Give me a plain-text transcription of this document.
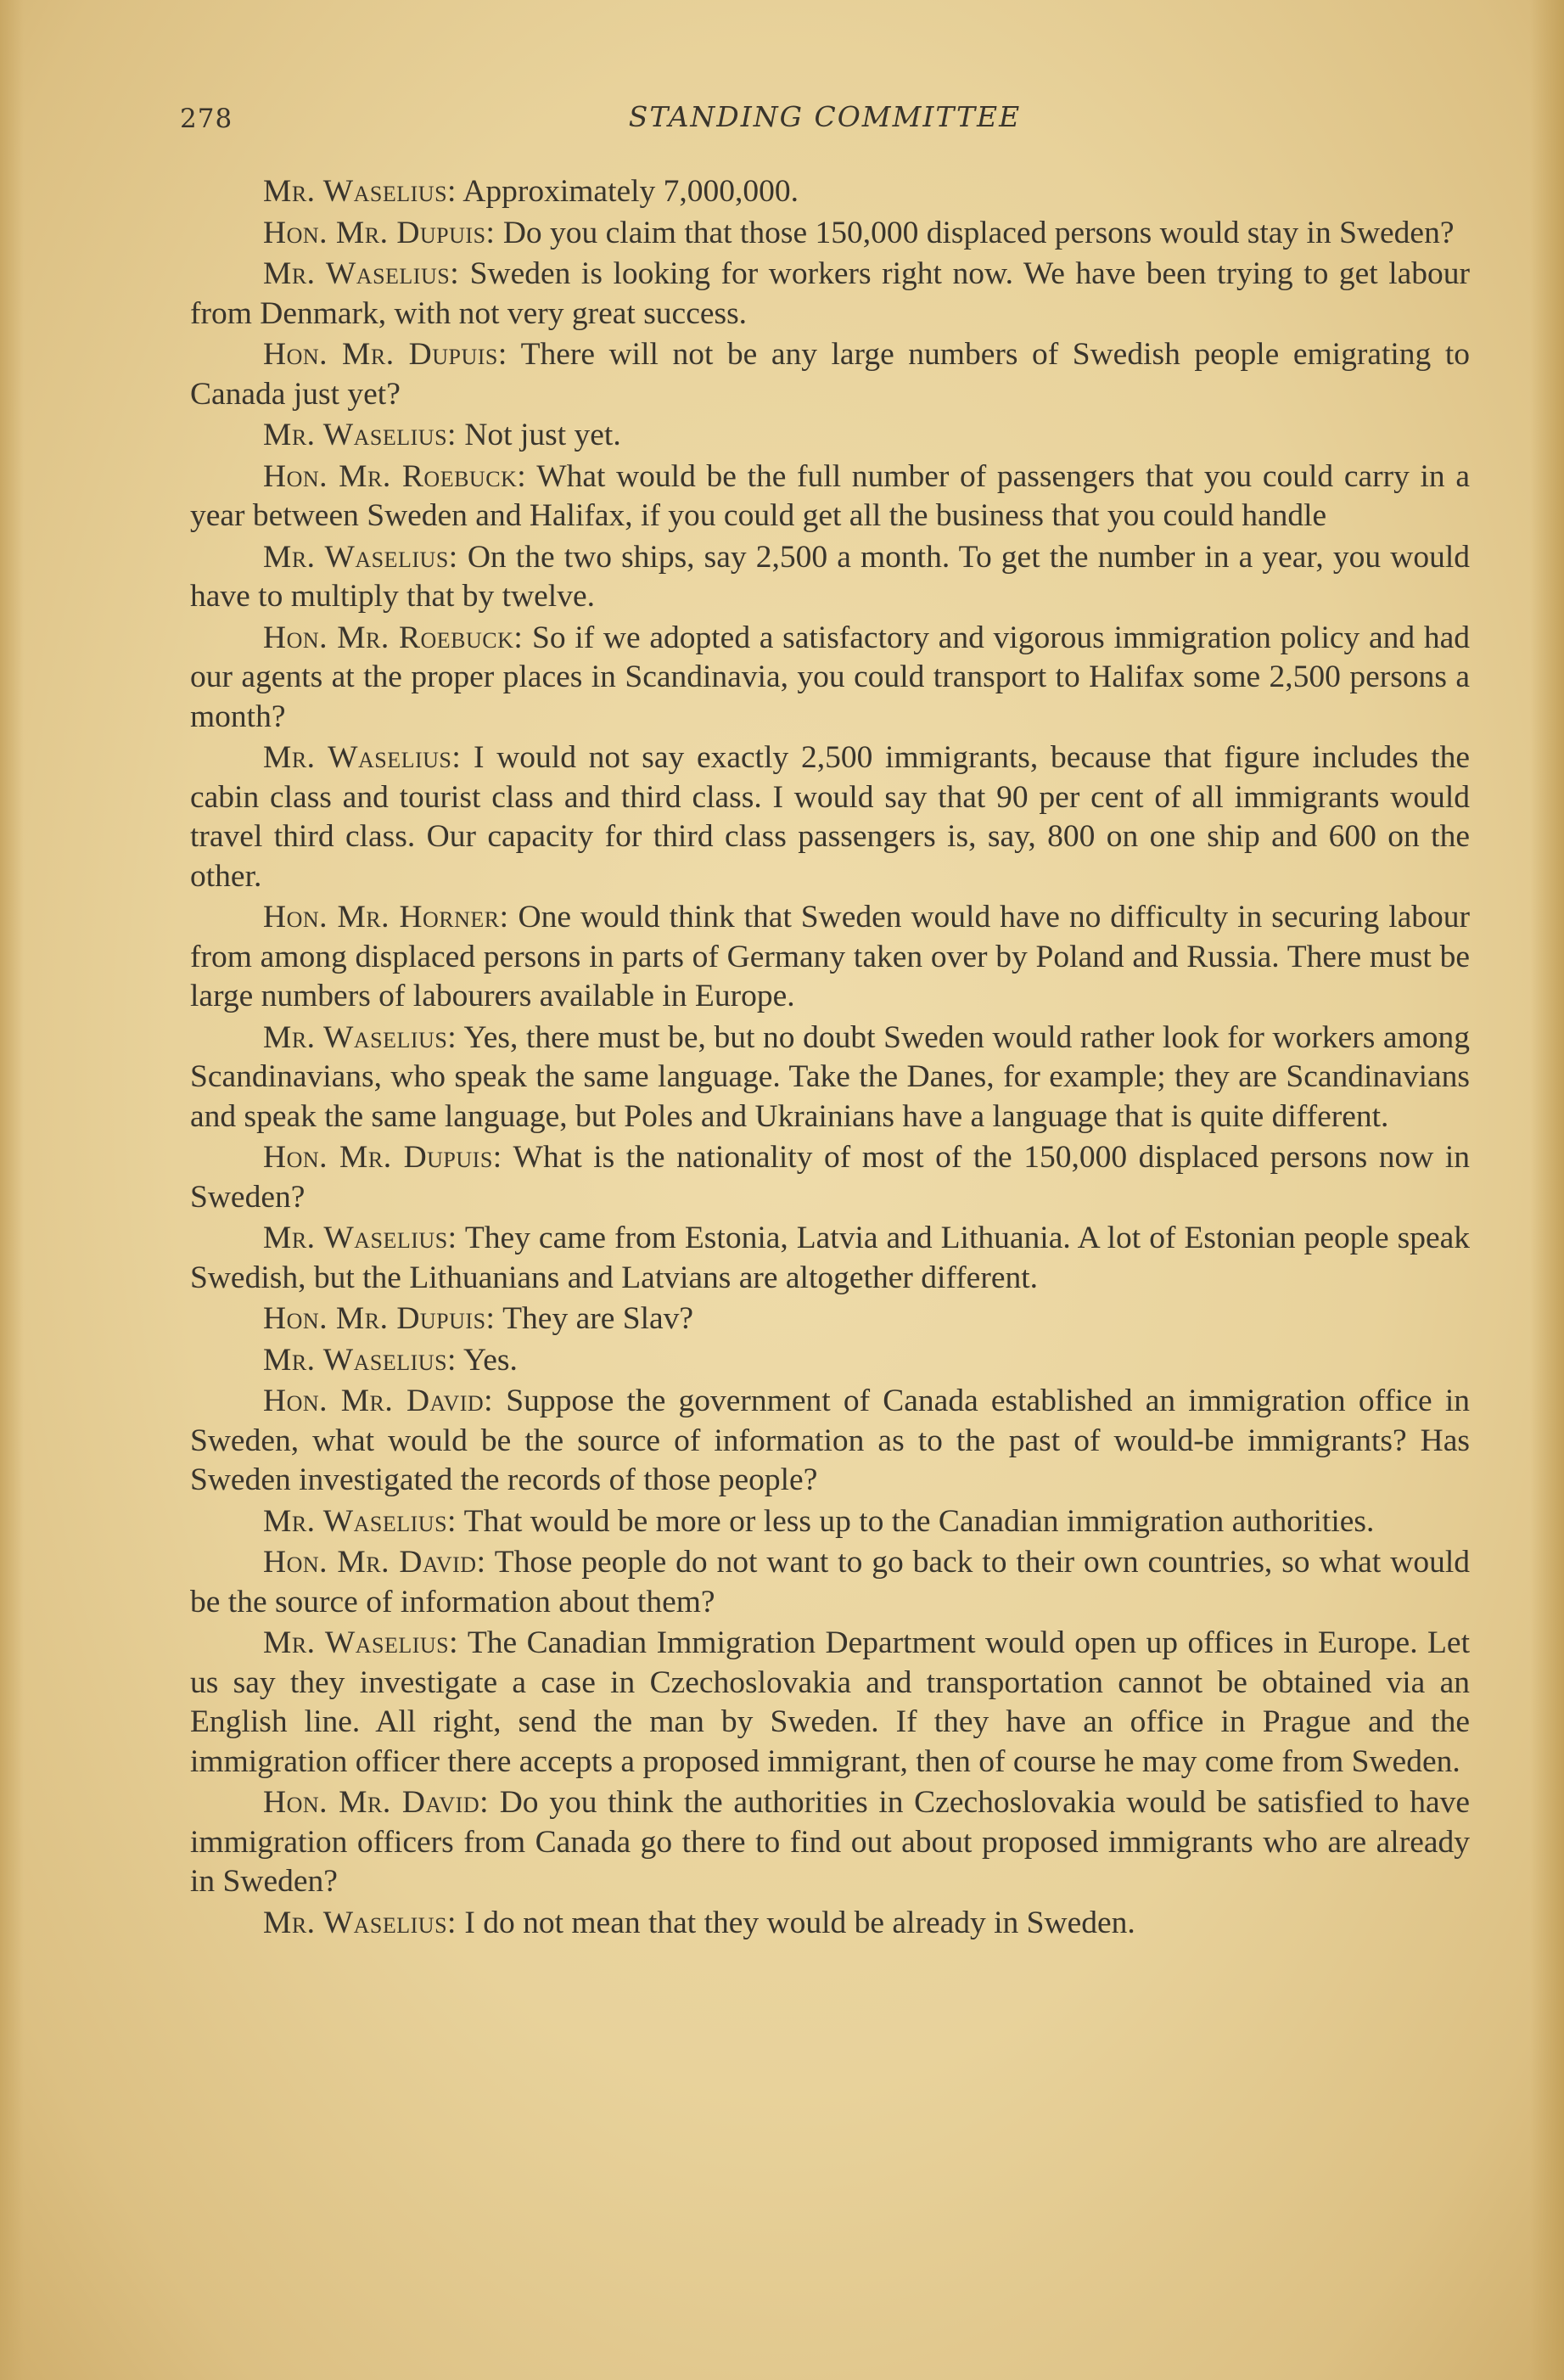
278	STANDING COMMITTEE

Mr. Waselius: Approximately 7,000,000.

Hon. Mr. Dupuis: Do you claim that those 150,000 displaced persons would stay in Sweden?

Mr. Waselius: Sweden is looking for workers right now. We have been trying to get labour from Denmark, with not very great success.

Hon. Mr. Dupuis: There will not be any large numbers of Swedish people emigrating to Canada just yet?

Mr. Waselius: Not just yet.

Hon. Mr. Roebuck: What would be the full number of passengers that you could carry in a year between Sweden and Halifax, if you could get all the business that you could handle

Mr. Waselius: On the two ships, say 2,500 a month. To get the number in a year, you would have to multiply that by twelve.

Hon. Mr. Roebuck: So if we adopted a satisfactory and vigorous immigration policy and had our agents at the proper places in Scandinavia, you could transport to Halifax some 2,500 persons a month?

Mr. Waselius: I would not say exactly 2,500 immigrants, because that figure includes the cabin class and tourist class and third class. I would say that 90 per cent of all immigrants would travel third class. Our capacity for third class passengers is, say, 800 on one ship and 600 on the other.

Hon. Mr. Horner: One would think that Sweden would have no difficulty in securing labour from among displaced persons in parts of Germany taken over by Poland and Russia. There must be large numbers of labourers available in Europe.

Mr. Waselius: Yes, there must be, but no doubt Sweden would rather look for workers among Scandinavians, who speak the same language. Take the Danes, for example; they are Scandinavians and speak the same language, but Poles and Ukrainians have a language that is quite different.

Hon. Mr. Dupuis: What is the nationality of most of the 150,000 displaced persons now in Sweden?

Mr. Waselius: They came from Estonia, Latvia and Lithuania. A lot of Estonian people speak Swedish, but the Lithuanians and Latvians are altogether different.

Hon. Mr. Dupuis: They are Slav?

Mr. Waselius: Yes.

Hon. Mr. David: Suppose the government of Canada established an immigration office in Sweden, what would be the source of information as to the past of would-be immigrants? Has Sweden investigated the records of those people?

Mr. Waselius: That would be more or less up to the Canadian immigration authorities.

Hon. Mr. David: Those people do not want to go back to their own countries, so what would be the source of information about them?

Mr. Waselius: The Canadian Immigration Department would open up offices in Europe. Let us say they investigate a case in Czechoslovakia and transportation cannot be obtained via an English line. All right, send the man by Sweden. If they have an office in Prague and the immigration officer there accepts a proposed immigrant, then of course he may come from Sweden.

Hon. Mr. David: Do you think the authorities in Czechoslovakia would be satisfied to have immigration officers from Canada go there to find out about proposed immigrants who are already in Sweden?

Mr. Waselius: I do not mean that they would be already in Sweden.
